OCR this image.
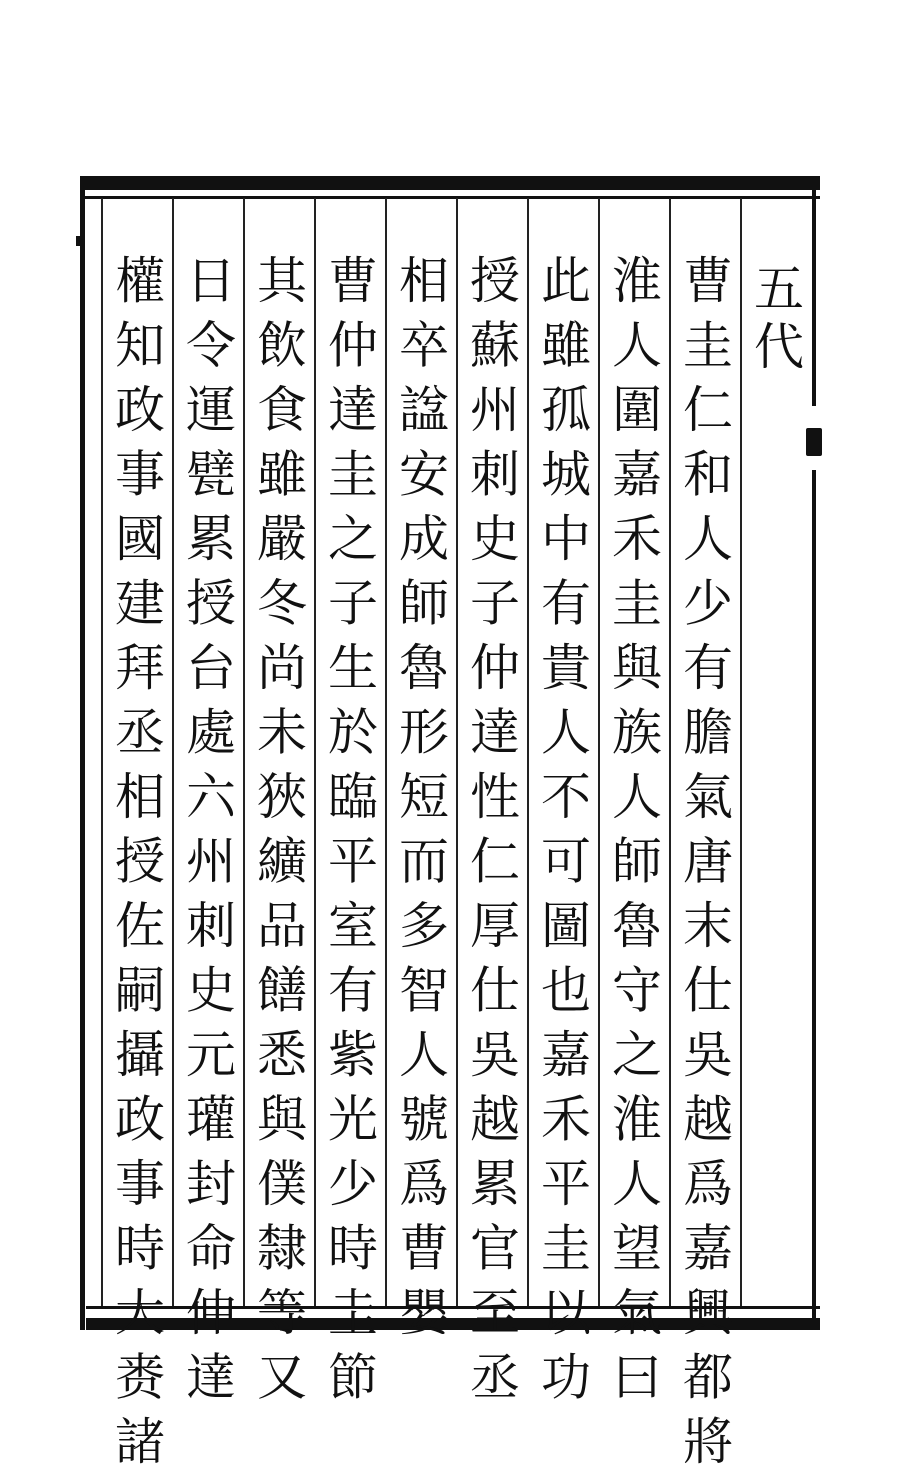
五代
曹圭仁和人少有膽氣唐末仕吳越爲嘉興都將
淮人圍嘉禾圭與族人師魯守之淮人望氣曰
此雖孤城中有貴人不可圖也嘉禾平圭以功
授蘇州刺史子仲達性仁厚仕吳越累官至丞
相卒諡安成師魯形短而多智人號爲曹嬰
曹仲達圭之子生於臨平室有紫光少時圭節
其飲食雖嚴冬尚未狹纊品饍悉與僕隸等又
日令運甓累授台處六州刺史元瓘封命仲達
權知政事國建拜丞相授佐嗣攝政事時大赉諸
